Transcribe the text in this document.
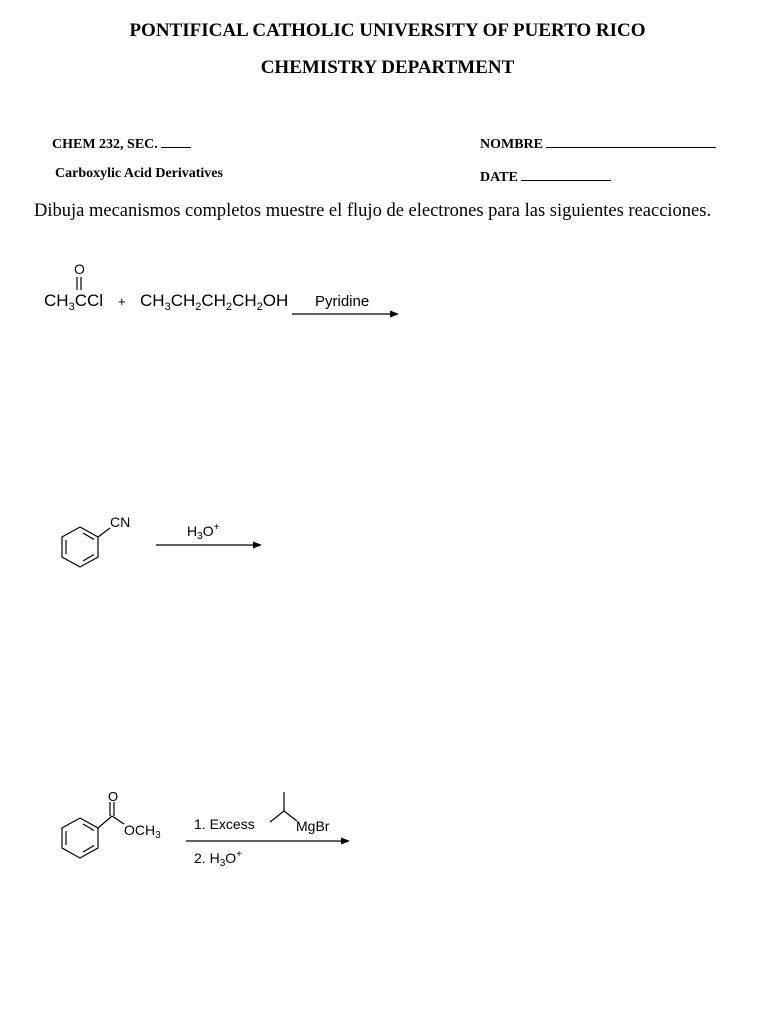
PONTIFICAL CATHOLIC UNIVERSITY OF PUERTO RICO
CHEMISTRY DEPARTMENT
CHEM 232, SEC.	NOMBRE
Carboxylic Acid Derivatives	DATE
Dibuja mecanismos completos muestre el flujo de electrones para las siguientes reacciones.
O
$CH_3CCl + CH_3CH_2CH_2CH_2OH$ Pyridine
CN
$H_3O^+$
O
$OCH_3$
1. Excess	MgBr
2. $H_3O^+$
